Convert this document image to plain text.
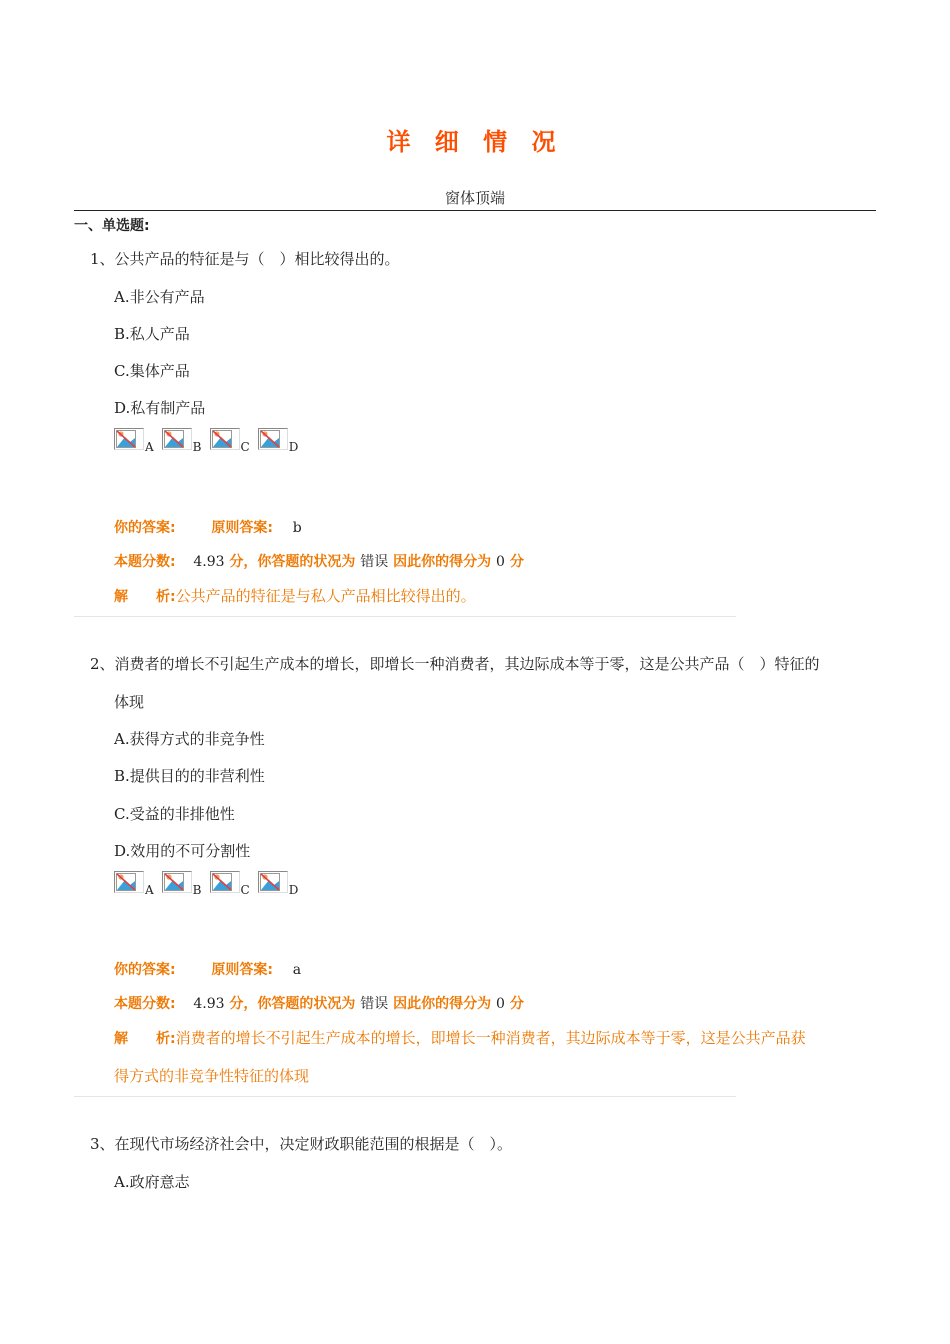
详 细 情 况
窗体顶端
一、单选题:
1、公共产品的特征是与（　）相比较得出的。
A.非公有产品
B.私人产品
C.集体产品
D.私有制产品
A	B	C	D
你的答案:	原则答案: b
本题分数: 4.93 分，你答题的状况为 错误 因此你的得分为 0 分
解　　析:公共产品的特征是与私人产品相比较得出的。
2、消费者的增长不引起生产成本的增长，即增长一种消费者，其边际成本等于零，这是公共产品（　）特征的
体现
A.获得方式的非竞争性
B.提供目的的非营利性
C.受益的非排他性
D.效用的不可分割性
A	B	C	D
你的答案:	原则答案: a
本题分数: 4.93 分，你答题的状况为 错误 因此你的得分为 0 分
解　　析:消费者的增长不引起生产成本的增长，即增长一种消费者，其边际成本等于零，这是公共产品获
得方式的非竞争性特征的体现
3、在现代市场经济社会中，决定财政职能范围的根据是（　）。
A.政府意志
